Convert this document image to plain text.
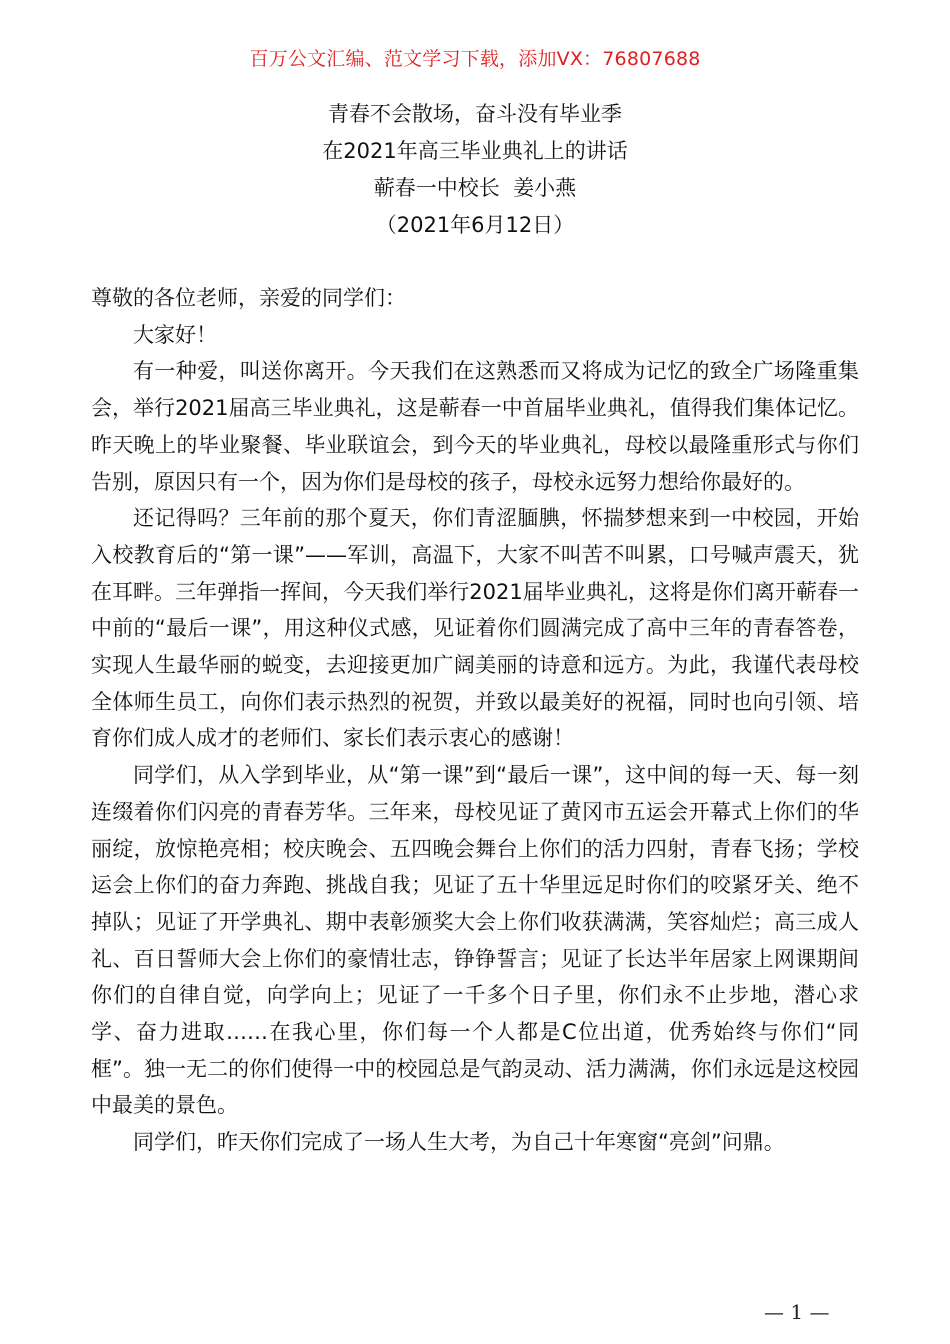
百万公文汇编、范文学习下载，添加VX：76807688
青春不会散场，奋斗没有毕业季
在2021年高三毕业典礼上的讲话
蕲春一中校长  姜小燕
（2021年6月12日）

尊敬的各位老师，亲爱的同学们：

大家好！

有一种爱，叫送你离开。今天我们在这熟悉而又将成为记忆的致全广场隆重集会，举行2021届高三毕业典礼，这是蕲春一中首届毕业典礼，值得我们集体记忆。昨天晚上的毕业聚餐、毕业联谊会，到今天的毕业典礼，母校以最隆重形式与你们告别，原因只有一个，因为你们是母校的孩子，母校永远努力想给你最好的。

还记得吗？三年前的那个夏天，你们青涩腼腆，怀揣梦想来到一中校园，开始入校教育后的“第一课”——军训，高温下，大家不叫苦不叫累，口号喊声震天，犹在耳畔。三年弹指一挥间，今天我们举行2021届毕业典礼，这将是你们离开蕲春一中前的“最后一课”，用这种仪式感，见证着你们圆满完成了高中三年的青春答卷，实现人生最华丽的蜕变，去迎接更加广阔美丽的诗意和远方。为此，我谨代表母校全体师生员工，向你们表示热烈的祝贺，并致以最美好的祝福，同时也向引领、培育你们成人成才的老师们、家长们表示衷心的感谢！

同学们，从入学到毕业，从“第一课”到“最后一课”，这中间的每一天、每一刻连缀着你们闪亮的青春芳华。三年来，母校见证了黄冈市五运会开幕式上你们的华丽绽，放惊艳亮相；校庆晚会、五四晚会舞台上你们的活力四射，青春飞扬；学校运会上你们的奋力奔跑、挑战自我；见证了五十华里远足时你们的咬紧牙关、绝不掉队；见证了开学典礼、期中表彰颁奖大会上你们收获满满，笑容灿烂；高三成人礼、百日誓师大会上你们的豪情壮志，铮铮誓言；见证了长达半年居家上网课期间你们的自律自觉，向学向上；见证了一千多个日子里，你们永不止步地，潜心求学、奋力进取……在我心里，你们每一个人都是C位出道，优秀始终与你们“同框”。独一无二的你们使得一中的校园总是气韵灵动、活力满满，你们永远是这校园中最美的景色。

同学们，昨天你们完成了一场人生大考，为自己十年寒窗“亮剑”问鼎。

— 1 —
